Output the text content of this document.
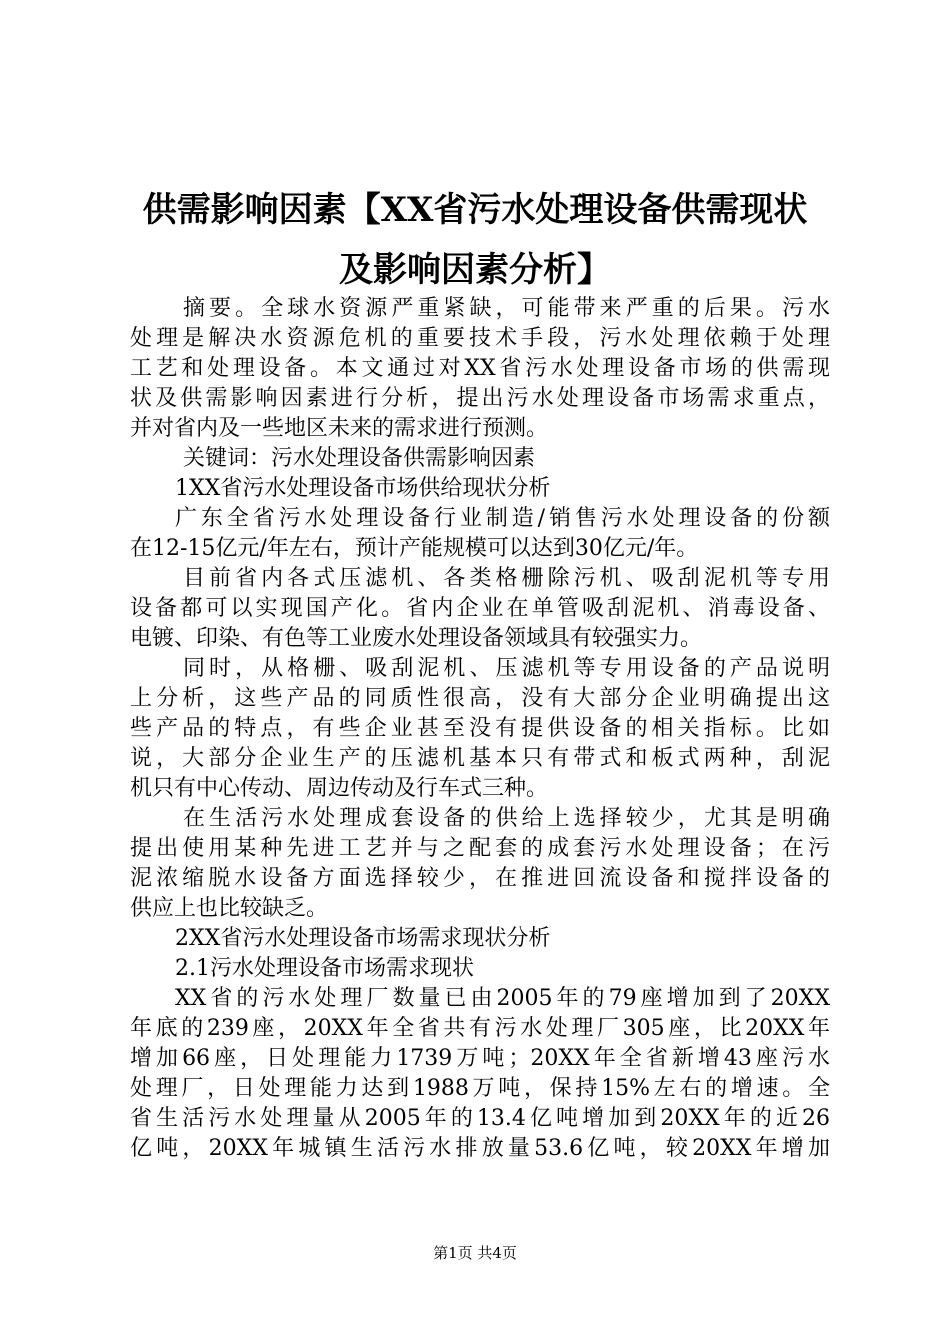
供需影响因素【XX省污水处理设备供需现状
及影响因素分析】
摘要。全球水资源严重紧缺，可能带来严重的后果。污水
处理是解决水资源危机的重要技术手段，污水处理依赖于处理
工艺和处理设备。本文通过对XX省污水处理设备市场的供需现
状及供需影响因素进行分析，提出污水处理设备市场需求重点，
并对省内及一些地区未来的需求进行预测。
关键词：污水处理设备供需影响因素
1XX省污水处理设备市场供给现状分析
广东全省污水处理设备行业制造/销售污水处理设备的份额
在12-15亿元/年左右，预计产能规模可以达到30亿元/年。
目前省内各式压滤机、各类格栅除污机、吸刮泥机等专用
设备都可以实现国产化。省内企业在单管吸刮泥机、消毒设备、
电镀、印染、有色等工业废水处理设备领域具有较强实力。
同时，从格栅、吸刮泥机、压滤机等专用设备的产品说明
上分析，这些产品的同质性很高，没有大部分企业明确提出这
些产品的特点，有些企业甚至没有提供设备的相关指标。比如
说，大部分企业生产的压滤机基本只有带式和板式两种，刮泥
机只有中心传动、周边传动及行车式三种。
在生活污水处理成套设备的供给上选择较少，尤其是明确
提出使用某种先进工艺并与之配套的成套污水处理设备；在污
泥浓缩脱水设备方面选择较少，在推进回流设备和搅拌设备的
供应上也比较缺乏。
2XX省污水处理设备市场需求现状分析
2.1污水处理设备市场需求现状
XX省的污水处理厂数量已由2005年的79座增加到了20XX
年底的239座，20XX年全省共有污水处理厂305座，比20XX年
增加66座，日处理能力1739万吨；20XX年全省新增43座污水
处理厂，日处理能力达到1988万吨，保持15%左右的增速。全
省生活污水处理量从2005年的13.4亿吨增加到20XX年的近26
亿吨，20XX年城镇生活污水排放量53.6亿吨，较20XX年增加
第1页 共4页
